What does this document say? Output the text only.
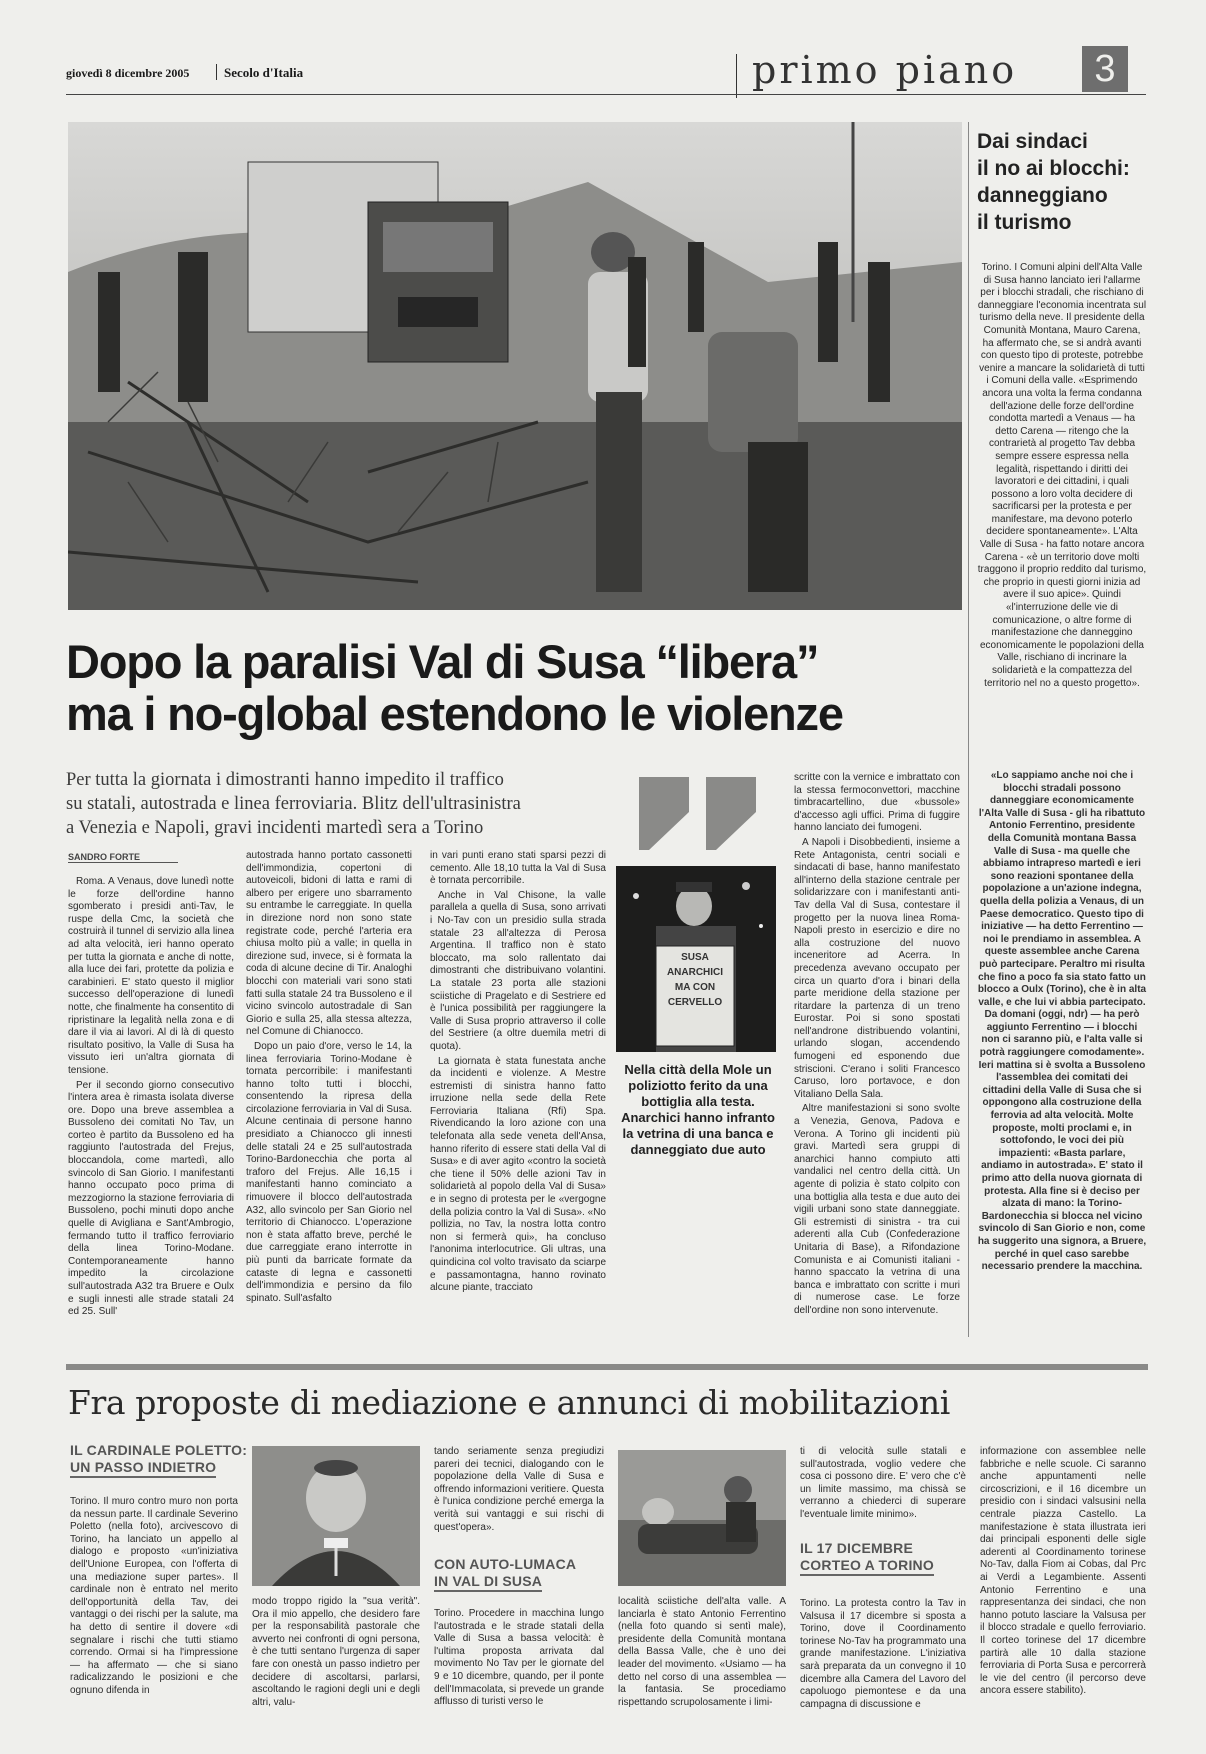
giovedì 8 dicembre 2005	Secolo d'Italia	primo piano	3
Dai sindaci
il no ai blocchi:
danneggiano
il turismo
Torino. I Comuni alpini dell'Alta Valle di Susa hanno lanciato ieri l'allarme per i blocchi stradali, che rischiano di danneggiare l'economia incentrata sul turismo della neve. Il presidente della Comunità Montana, Mauro Carena, ha affermato che, se si andrà avanti con questo tipo di proteste, potrebbe venire a mancare la solidarietà di tutti i Comuni della valle. «Esprimendo ancora una volta la ferma condanna dell'azione delle forze dell'ordine condotta martedì a Venaus — ha detto Carena — ritengo che la contrarietà al progetto Tav debba sempre essere espressa nella legalità, rispettando i diritti dei lavoratori e dei cittadini, i quali possono a loro volta decidere di sacrificarsi per la protesta e per manifestare, ma devono poterlo decidere spontaneamente». L'Alta Valle di Susa - ha fatto notare ancora Carena - «è un territorio dove molti traggono il proprio reddito dal turismo, che proprio in questi giorni inizia ad avere il suo apice». Quindi «l'interruzione delle vie di comunicazione, o altre forme di manifestazione che danneggino economicamente le popolazioni della Valle, rischiano di incrinare la solidarietà e la compattezza del territorio nel no a questo progetto».
«Lo sappiamo anche noi che i blocchi stradali possono danneggiare economicamente l'Alta Valle di Susa - gli ha ribattuto Antonio Ferrentino, presidente della Comunità montana Bassa Valle di Susa - ma quelle che abbiamo intrapreso martedì e ieri sono reazioni spontanee della popolazione a un'azione indegna, quella della polizia a Venaus, di un Paese democratico. Questo tipo di iniziative — ha detto Ferrentino — noi le prendiamo in assemblea. A queste assemblee anche Carena può partecipare. Peraltro mi risulta che fino a poco fa sia stato fatto un blocco a Oulx (Torino), che è in alta valle, e che lui vi abbia partecipato. Da domani (oggi, ndr) — ha però aggiunto Ferrentino — i blocchi non ci saranno più, e l'alta valle si potrà raggiungere comodamente». Ieri mattina si è svolta a Bussoleno l'assemblea dei comitati dei cittadini della Valle di Susa che si oppongono alla costruzione della ferrovia ad alta velocità. Molte proposte, molti proclami e, in sottofondo, le voci dei più impazienti: «Basta parlare, andiamo in autostrada». E' stato il primo atto della nuova giornata di protesta. Alla fine si è deciso per alzata di mano: la Torino-Bardonecchia si blocca nel vicino svincolo di San Giorio e non, come ha suggerito una signora, a Bruere, perché in quel caso sarebbe necessario prendere la macchina.
Dopo la paralisi Val di Susa “libera”
ma i no-global estendono le violenze
Per tutta la giornata i dimostranti hanno impedito il traffico
su statali, autostrada e linea ferroviaria. Blitz dell'ultrasinistra
a Venezia e Napoli, gravi incidenti martedì sera a Torino
SANDRO FORTE

Roma. A Venaus, dove lunedì notte le forze dell'ordine hanno sgomberato i presidi anti-Tav, le ruspe della Cmc, la società che costruirà il tunnel di servizio alla linea ad alta velocità, ieri hanno operato per tutta la giornata e anche di notte, alla luce dei fari, protette da polizia e carabinieri. E' stato questo il miglior successo dell'operazione di lunedì notte, che finalmente ha consentito di ripristinare la legalità nella zona e di dare il via ai lavori. Al di là di questo risultato positivo, la Valle di Susa ha vissuto ieri un'altra giornata di tensione.

Per il secondo giorno consecutivo l'intera area è rimasta isolata diverse ore. Dopo una breve assemblea a Bussoleno dei comitati No Tav, un corteo è partito da Bussoleno ed ha raggiunto l'autostrada del Frejus, bloccandola, come martedì, allo svincolo di San Giorio. I manifestanti hanno occupato poco prima di mezzogiorno la stazione ferroviaria di Bussoleno, pochi minuti dopo anche quelle di Avigliana e Sant'Ambrogio, fermando tutto il traffico ferroviario della linea Torino-Modane. Contemporaneamente hanno impedito la circolazione sull'autostrada A32 tra Bruere e Oulx e sugli innesti alle strade statali 24 ed 25. Sull'

autostrada hanno portato cassonetti dell'immondizia, copertoni di autoveicoli, bidoni di latta e rami di albero per erigere uno sbarramento su entrambe le carreggiate. In quella in direzione nord non sono state registrate code, perché l'arteria era chiusa molto più a valle; in quella in direzione sud, invece, si è formata la coda di alcune decine di Tir. Analoghi blocchi con materiali vari sono stati fatti sulla statale 24 tra Bussoleno e il vicino svincolo autostradale di San Giorio e sulla 25, alla stessa altezza, nel Comune di Chianocco.

Dopo un paio d'ore, verso le 14, la linea ferroviaria Torino-Modane è tornata percorribile: i manifestanti hanno tolto tutti i blocchi, consentendo la ripresa della circolazione ferroviaria in Val di Susa. Alcune centinaia di persone hanno presidiato a Chianocco gli innesti delle statali 24 e 25 sull'autostrada Torino-Bardonecchia che porta al traforo del Frejus. Alle 16,15 i manifestanti hanno cominciato a rimuovere il blocco dell'autostrada A32, allo svincolo per San Giorio nel territorio di Chianocco. L'operazione non è stata affatto breve, perché le due carreggiate erano interrotte in più punti da barricate formate da cataste di legna e cassonetti dell'immondizia e persino da filo spinato. Sull'asfalto

in vari punti erano stati sparsi pezzi di cemento. Alle 18,10 tutta la Val di Susa è tornata percorribile.

Anche in Val Chisone, la valle parallela a quella di Susa, sono arrivati i No-Tav con un presidio sulla strada statale 23 all'altezza di Perosa Argentina. Il traffico non è stato bloccato, ma solo rallentato dai dimostranti che distribuivano volantini. La statale 23 porta alle stazioni sciistiche di Pragelato e di Sestriere ed è l'unica possibilità per raggiungere la Valle di Susa proprio attraverso il colle del Sestriere (a oltre duemila metri di quota).

La giornata è stata funestata anche da incidenti e violenze. A Mestre estremisti di sinistra hanno fatto irruzione nella sede della Rete Ferroviaria Italiana (Rfi) Spa. Rivendicando la loro azione con una telefonata alla sede veneta dell'Ansa, hanno riferito di essere stati della Val di Susa» e di aver agito «contro la società che tiene il 50% delle azioni Tav in solidarietà al popolo della Val di Susa» e in segno di protesta per le «vergogne della polizia contro la Val di Susa». «No pollizia, no Tav, la nostra lotta contro non si fermerà qui», ha concluso l'anonima interlocutrice. Gli ultras, una quindicina col volto travisato da sciarpe e passamontagna, hanno rovinato alcune piante, tracciato

SUSA ANARCHICI MA CON CERVELLO
Nella città della Mole un poliziotto ferito da una bottiglia alla testa. Anarchici hanno infranto la vetrina di una banca e danneggiato due auto

scritte con la vernice e imbrattato con la stessa fermoconvettori, macchine timbracartellino, due «bussole» d'accesso agli uffici. Prima di fuggire hanno lanciato dei fumogeni.

A Napoli i Disobbedienti, insieme a Rete Antagonista, centri sociali e sindacati di base, hanno manifestato all'interno della stazione centrale per solidarizzare con i manifestanti anti-Tav della Val di Susa, contestare il progetto per la nuova linea Roma-Napoli presto in esercizio e dire no alla costruzione del nuovo inceneritore ad Acerra. In precedenza avevano occupato per circa un quarto d'ora i binari della parte meridione della stazione per ritardare la partenza di un treno Eurostar. Poi si sono spostati nell'androne distribuendo volantini, urlando slogan, accendendo fumogeni ed esponendo due striscioni. C'erano i soliti Francesco Caruso, loro portavoce, e don Vitaliano Della Sala.

Altre manifestazioni si sono svolte a Venezia, Genova, Padova e Verona. A Torino gli incidenti più gravi. Martedì sera gruppi di anarchici hanno compiuto atti vandalici nel centro della città. Un agente di polizia è stato colpito con una bottiglia alla testa e due auto dei vigili urbani sono state danneggiate. Gli estremisti di sinistra - tra cui aderenti alla Cub (Confederazione Unitaria di Base), a Rifondazione Comunista e ai Comunisti italiani - hanno spaccato la vetrina di una banca e imbrattato con scritte i muri di numerose case. Le forze dell'ordine non sono intervenute.

Fra proposte di mediazione e annunci di mobilitazioni
IL CARDINALE POLETTO:
UN PASSO INDIETRO
Torino. Il muro contro muro non porta da nessun parte. Il cardinale Severino Poletto (nella foto), arcivescovo di Torino, ha lanciato un appello al dialogo e proposto «un'iniziativa dell'Unione Europea, con l'offerta di una mediazione super partes». Il cardinale non è entrato nel merito dell'opportunità della Tav, dei vantaggi o dei rischi per la salute, ma ha detto di sentire il dovere «di segnalare i rischi che tutti stiamo correndo. Ormai si ha l'impressione — ha affermato — che si siano radicalizzando le posizioni e che ognuno difenda in
modo troppo rigido la "sua verità". Ora il mio appello, che desidero fare per la responsabilità pastorale che avverto nei confronti di ogni persona, è che tutti sentano l'urgenza di saper fare con onestà un passo indietro per decidere di ascoltarsi, parlarsi, ascoltando le ragioni degli uni e degli altri, valu-
tando seriamente senza pregiudizi pareri dei tecnici, dialogando con le popolazione della Valle di Susa e offrendo informazioni veritiere. Questa è l'unica condizione perché emerga la verità sui vantaggi e sui rischi di quest'opera».
CON AUTO-LUMACA
IN VAL DI SUSA
Torino. Procedere in macchina lungo l'autostrada e le strade statali della Valle di Susa a bassa velocità: è l'ultima proposta arrivata dal movimento No Tav per le giornate del 9 e 10 dicembre, quando, per il ponte dell'Immacolata, si prevede un grande afflusso di turisti verso le
località sciistiche dell'alta valle. A lanciarla è stato Antonio Ferrentino (nella foto quando si sentì male), presidente della Comunità montana della Bassa Valle, che è uno dei leader del movimento. «Usiamo — ha detto nel corso di una assemblea — la fantasia. Se procediamo rispettando scrupolosamente i limi-
ti di velocità sulle statali e sull'autostrada, voglio vedere che cosa ci possono dire. E' vero che c'è un limite massimo, ma chissà se verranno a chiederci di superare l'eventuale limite minimo».
IL 17 DICEMBRE
CORTEO A TORINO
Torino. La protesta contro la Tav in Valsusa il 17 dicembre si sposta a Torino, dove il Coordinamento torinese No-Tav ha programmato una grande manifestazione. L'iniziativa sarà preparata da un convegno il 10 dicembre alla Camera del Lavoro del capoluogo piemontese e da una campagna di discussione e
informazione con assemblee nelle fabbriche e nelle scuole. Ci saranno anche appuntamenti nelle circoscrizioni, e il 16 dicembre un presidio con i sindaci valsusini nella centrale piazza Castello. La manifestazione è stata illustrata ieri dai principali esponenti delle sigle aderenti al Coordinamento torinese No-Tav, dalla Fiom ai Cobas, dal Prc ai Verdi a Legambiente. Assenti Antonio Ferrentino e una rappresentanza dei sindaci, che non hanno potuto lasciare la Valsusa per il blocco stradale e quello ferroviario. Il corteo torinese del 17 dicembre partirà alle 10 dalla stazione ferroviaria di Porta Susa e percorrerà le vie del centro (il percorso deve ancora essere stabilito).
